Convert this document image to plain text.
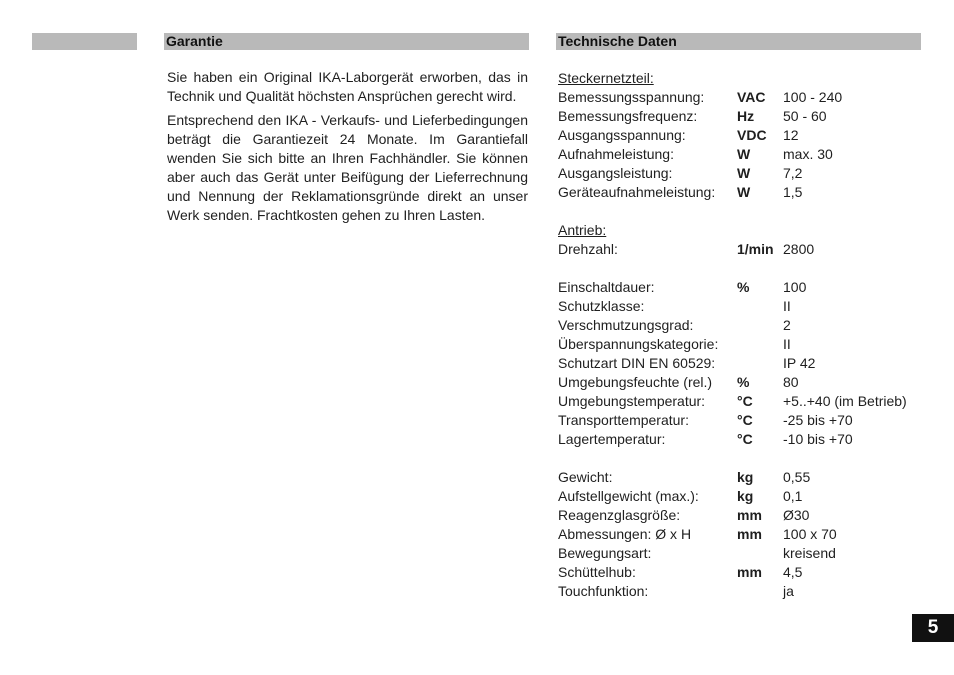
Garantie	Technische Daten

Sie haben ein Original IKA-Laborgerät erworben, das in Technik und Qualität höchsten Ansprüchen gerecht wird.

Entsprechend den IKA - Verkaufs- und Lieferbedingungen beträgt die Garantiezeit 24 Monate. Im Garantiefall wenden Sie sich bitte an Ihren Fachhändler. Sie können aber auch das Gerät unter Beifügung der Lieferrechnung und Nennung der Reklamationsgründe direkt an unser Werk senden. Frachtkosten gehen zu Ihren Lasten.

Steckernetzteil:
Bemessungsspannung: VAC 100 - 240
Bemessungsfrequenz:	Hz 50 - 60
Ausgangsspannung:	VDC 12
Aufnahmeleistung:	W max. 30
Ausgangsleistung:	W 7,2
Geräteaufnahmeleistung: W 1,5
Antrieb:
Drehzahl:	1/min 2800
Einschaltdauer:	% 100
Schutzklasse:	II
Verschmutzungsgrad:	2
Überspannungskategorie:	II
Schutzart DIN EN 60529:	IP 42
Umgebungsfeuchte (rel.) % 80
Umgebungstemperatur: °C +5..+40 (im Betrieb)
Transporttemperatur:	°C -25 bis +70
Lagertemperatur:	°C -10 bis +70
Gewicht:	kg 0,55
Aufstellgewicht (max.):	kg 0,1
Reagenzglasgröße:	mm Ø30
Abmessungen: Ø x H	mm 100 x 70
Bewegungsart:	kreisend
Schüttelhub:	mm 4,5
Touchfunktion:	ja
5
